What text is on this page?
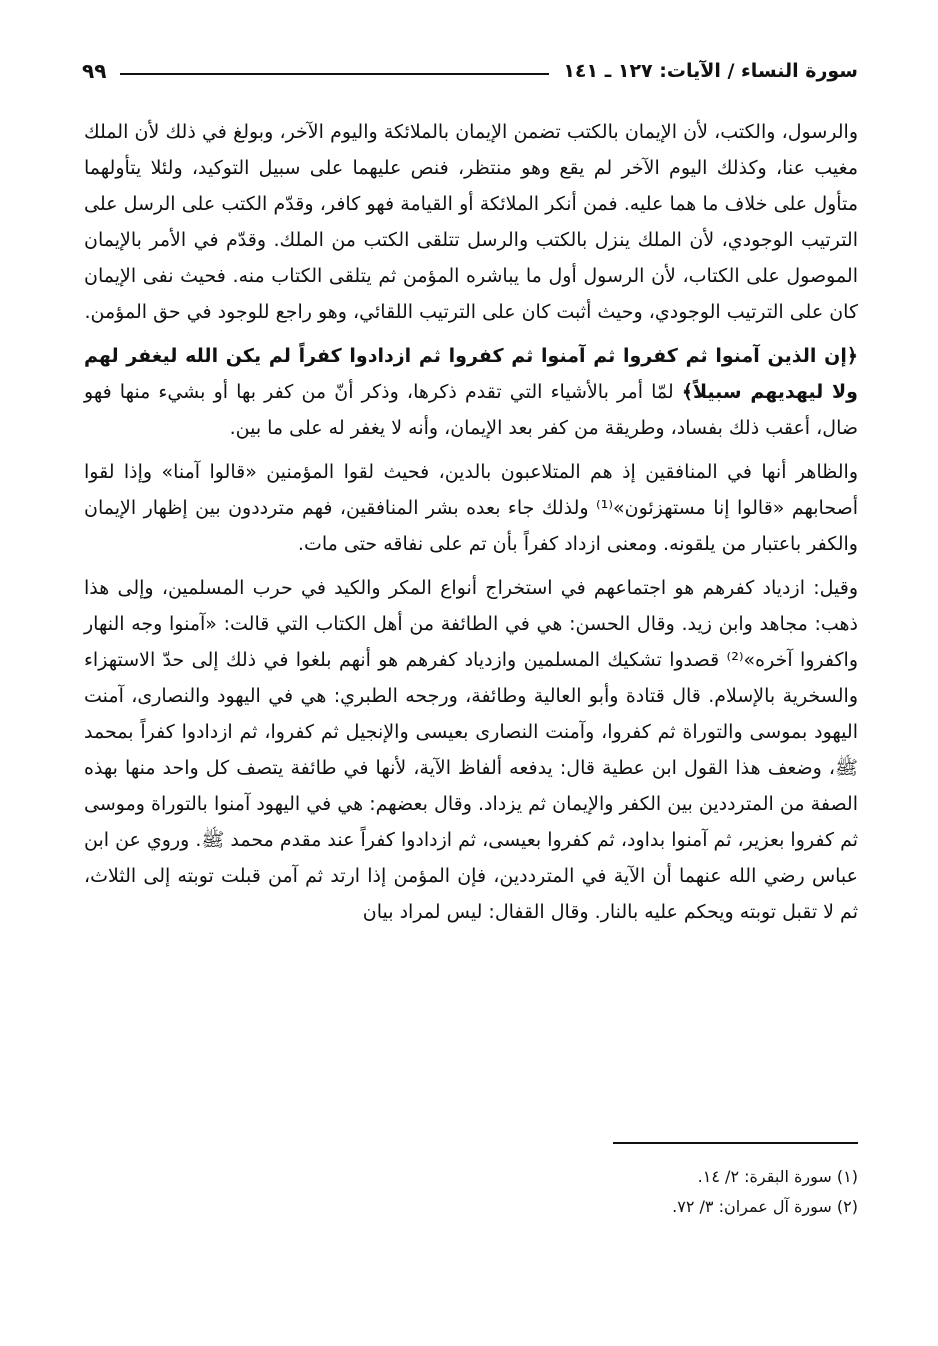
سورة النساء / الآيات: ١٢٧ ـ ١٤١
٩٩

والرسول، والكتب، لأن الإيمان بالكتب تضمن الإيمان بالملائكة واليوم الآخر، وبولغ في ذلك لأن الملك مغيب عنا، وكذلك اليوم الآخر لم يقع وهو منتظر، فنص عليهما على سبيل التوكيد، ولئلا يتأولهما متأول على خلاف ما هما عليه. فمن أنكر الملائكة أو القيامة فهو كافر، وقدّم الكتب على الرسل على الترتيب الوجودي، لأن الملك ينزل بالكتب والرسل تتلقى الكتب من الملك. وقدّم في الأمر بالإيمان الموصول على الكتاب، لأن الرسول أول ما يباشره المؤمن ثم يتلقى الكتاب منه. فحيث نفى الإيمان كان على الترتيب الوجودي، وحيث أثبت كان على الترتيب اللقائي، وهو راجع للوجود في حق المؤمن.

﴿إن الذين آمنوا ثم كفروا ثم آمنوا ثم كفروا ثم ازدادوا كفراً لم يكن الله ليغفر لهم ولا ليهديهم سبيلاً﴾ لمّا أمر بالأشياء التي تقدم ذكرها، وذكر أنّ من كفر بها أو بشيء منها فهو ضال، أعقب ذلك بفساد، وطريقة من كفر بعد الإيمان، وأنه لا يغفر له على ما بين.

والظاهر أنها في المنافقين إذ هم المتلاعبون بالدين، فحيث لقوا المؤمنين «قالوا آمنا» وإذا لقوا أصحابهم «قالوا إنا مستهزئون»⁽¹⁾ ولذلك جاء بعده بشر المنافقين، فهم مترددون بين إظهار الإيمان والكفر باعتبار من يلقونه. ومعنى ازداد كفراً بأن تم على نفاقه حتى مات.

وقيل: ازدياد كفرهم هو اجتماعهم في استخراج أنواع المكر والكيد في حرب المسلمين، وإلى هذا ذهب: مجاهد وابن زيد. وقال الحسن: هي في الطائفة من أهل الكتاب التي قالت: «آمنوا وجه النهار واكفروا آخره»⁽²⁾ قصدوا تشكيك المسلمين وازدياد كفرهم هو أنهم بلغوا في ذلك إلى حدّ الاستهزاء والسخرية بالإسلام. قال قتادة وأبو العالية وطائفة، ورجحه الطبري: هي في اليهود والنصارى، آمنت اليهود بموسى والتوراة ثم كفروا، وآمنت النصارى بعيسى والإنجيل ثم كفروا، ثم ازدادوا كفراً بمحمد ﷺ، وضعف هذا القول ابن عطية قال: يدفعه ألفاظ الآية، لأنها في طائفة يتصف كل واحد منها بهذه الصفة من المترددين بين الكفر والإيمان ثم يزداد. وقال بعضهم: هي في اليهود آمنوا بالتوراة وموسى ثم كفروا بعزير، ثم آمنوا بداود، ثم كفروا بعيسى، ثم ازدادوا كفراً عند مقدم محمد ﷺ. وروي عن ابن عباس رضي الله عنهما أن الآية في المترددين، فإن المؤمن إذا ارتد ثم آمن قبلت توبته إلى الثلاث، ثم لا تقبل توبته ويحكم عليه بالنار. وقال القفال: ليس لمراد بيان

(١) سورة البقرة: ٢/ ١٤.
(٢) سورة آل عمران: ٣/ ٧٢.
